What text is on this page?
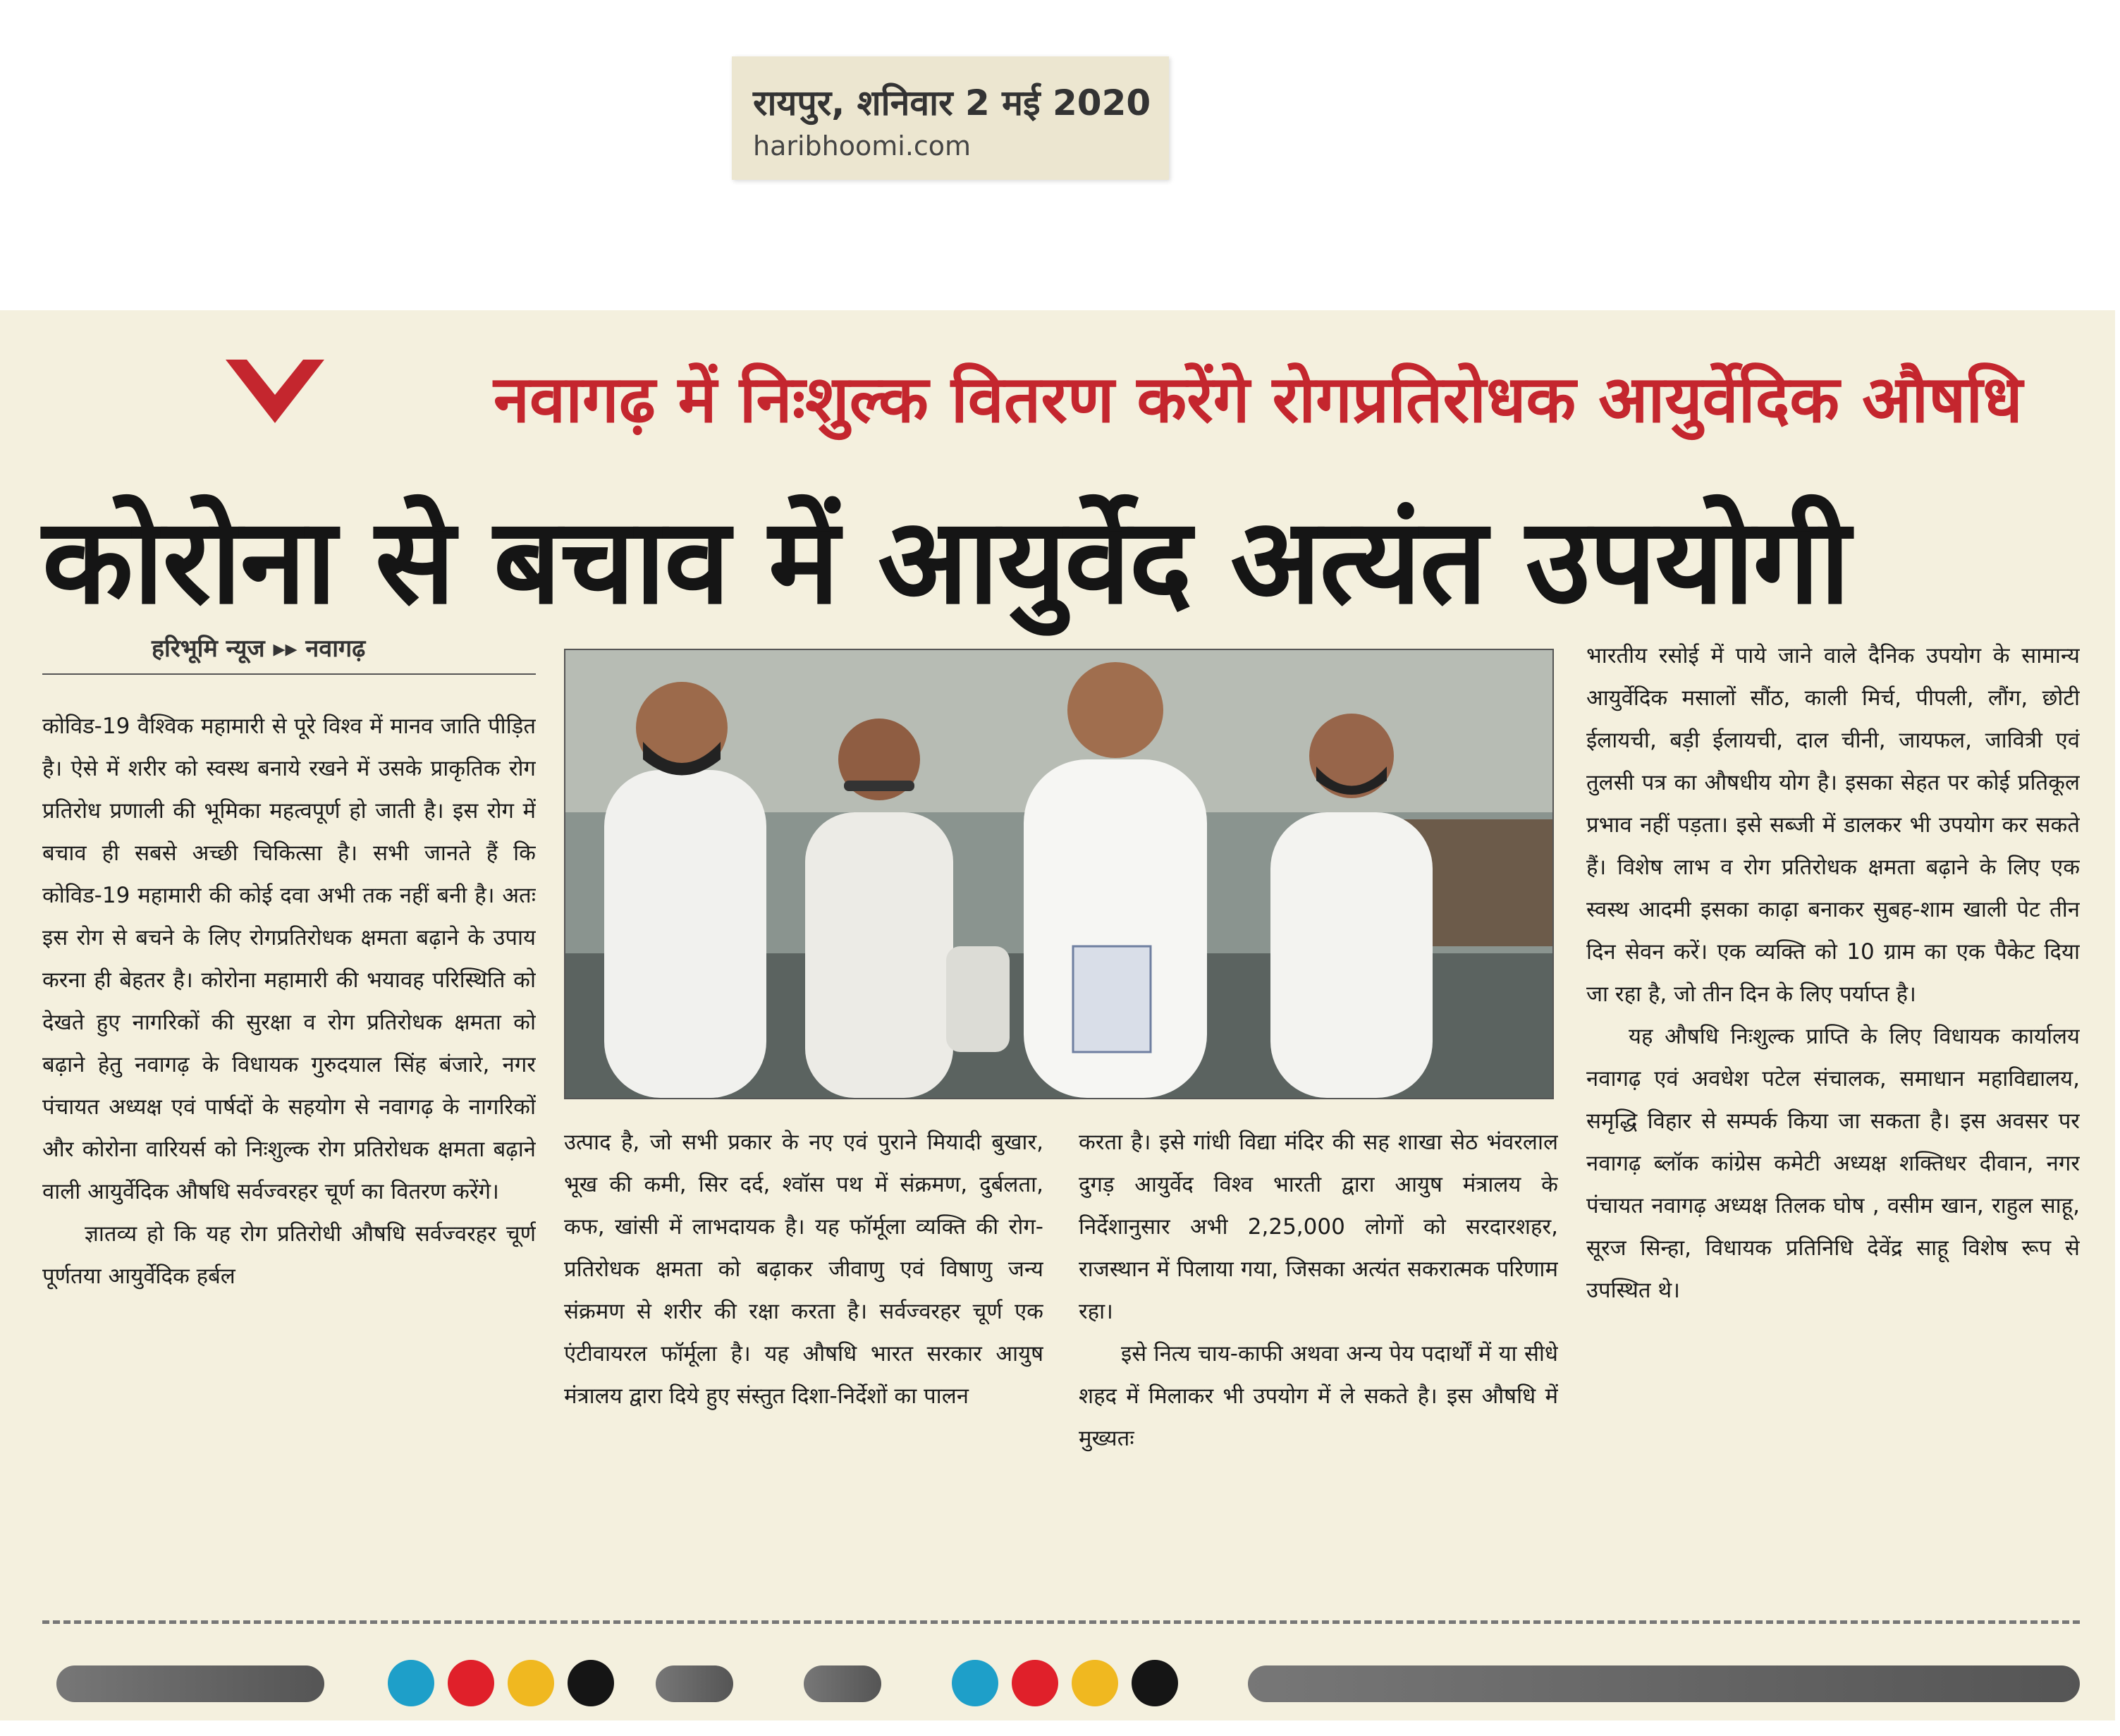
रायपुर, शनिवार 2 मई 2020
haribhoomi.com
नवागढ़ में निःशुल्क वितरण करेंगे रोगप्रतिरोधक आयुर्वेदिक औषधि
कोरोना से बचाव में आयुर्वेद अत्यंत उपयोगी
हरिभूमि न्यूज ▸▸ नवागढ़

कोविड-19 वैश्विक महामारी से पूरे विश्व में मानव जाति पीड़ित है। ऐसे में शरीर को स्वस्थ बनाये रखने में उसके प्राकृतिक रोग प्रतिरोध प्रणाली की भूमिका महत्वपूर्ण हो जाती है। इस रोग में बचाव ही सबसे अच्छी चिकित्सा है। सभी जानते हैं कि कोविड-19 महामारी की कोई दवा अभी तक नहीं बनी है। अतः इस रोग से बचने के लिए रोगप्रतिरोधक क्षमता बढ़ाने के उपाय करना ही बेहतर है। कोरोना महामारी की भयावह परिस्थिति को देखते हुए नागरिकों की सुरक्षा व रोग प्रतिरोधक क्षमता को बढ़ाने हेतु नवागढ़ के विधायक गुरुदयाल सिंह बंजारे, नगर पंचायत अध्यक्ष एवं पार्षदों के सहयोग से नवागढ़ के नागरिकों और कोरोना वारियर्स को निःशुल्क रोग प्रतिरोधक क्षमता बढ़ाने वाली आयुर्वेदिक औषधि सर्वज्वरहर चूर्ण का वितरण करेंगे।

ज्ञातव्य हो कि यह रोग प्रतिरोधी औषधि सर्वज्वरहर चूर्ण पूर्णतया आयुर्वेदिक हर्बल

उत्पाद है, जो सभी प्रकार के नए एवं पुराने मियादी बुखार, भूख की कमी, सिर दर्द, श्वॉस पथ में संक्रमण, दुर्बलता, कफ, खांसी में लाभदायक है। यह फॉर्मूला व्यक्ति की रोग-प्रतिरोधक क्षमता को बढ़ाकर जीवाणु एवं विषाणु जन्य संक्रमण से शरीर की रक्षा करता है। सर्वज्वरहर चूर्ण एक एंटीवायरल फॉर्मूला है। यह औषधि भारत सरकार आयुष मंत्रालय द्वारा दिये हुए संस्तुत दिशा-निर्देशों का पालन

करता है। इसे गांधी विद्या मंदिर की सह शाखा सेठ भंवरलाल दुगड़ आयुर्वेद विश्व भारती द्वारा आयुष मंत्रालय के निर्देशानुसार अभी 2,25,000 लोगों को सरदारशहर, राजस्थान में पिलाया गया, जिसका अत्यंत सकरात्मक परिणाम रहा।

इसे नित्य चाय-काफी अथवा अन्य पेय पदार्थों में या सीधे शहद में मिलाकर भी उपयोग में ले सकते है। इस औषधि में मुख्यतः

भारतीय रसोई में पाये जाने वाले दैनिक उपयोग के सामान्य आयुर्वेदिक मसालों सौंठ, काली मिर्च, पीपली, लौंग, छोटी ईलायची, बड़ी ईलायची, दाल चीनी, जायफल, जावित्री एवं तुलसी पत्र का औषधीय योग है। इसका सेहत पर कोई प्रतिकूल प्रभाव नहीं पड़ता। इसे सब्जी में डालकर भी उपयोग कर सकते हैं। विशेष लाभ व रोग प्रतिरोधक क्षमता बढ़ाने के लिए एक स्वस्थ आदमी इसका काढ़ा बनाकर सुबह-शाम खाली पेट तीन दिन सेवन करें। एक व्यक्ति को 10 ग्राम का एक पैकेट दिया जा रहा है, जो तीन दिन के लिए पर्याप्त है।

यह औषधि निःशुल्क प्राप्ति के लिए विधायक कार्यालय नवागढ़ एवं अवधेश पटेल संचालक, समाधान महाविद्यालय, समृद्धि विहार से सम्पर्क किया जा सकता है। इस अवसर पर नवागढ़ ब्लॉक कांग्रेस कमेटी अध्यक्ष शक्तिधर दीवान, नगर पंचायत नवागढ़ अध्यक्ष तिलक घोष , वसीम खान, राहुल साहू, सूरज सिन्हा, विधायक प्रतिनिधि देवेंद्र साहू विशेष रूप से उपस्थित थे।
